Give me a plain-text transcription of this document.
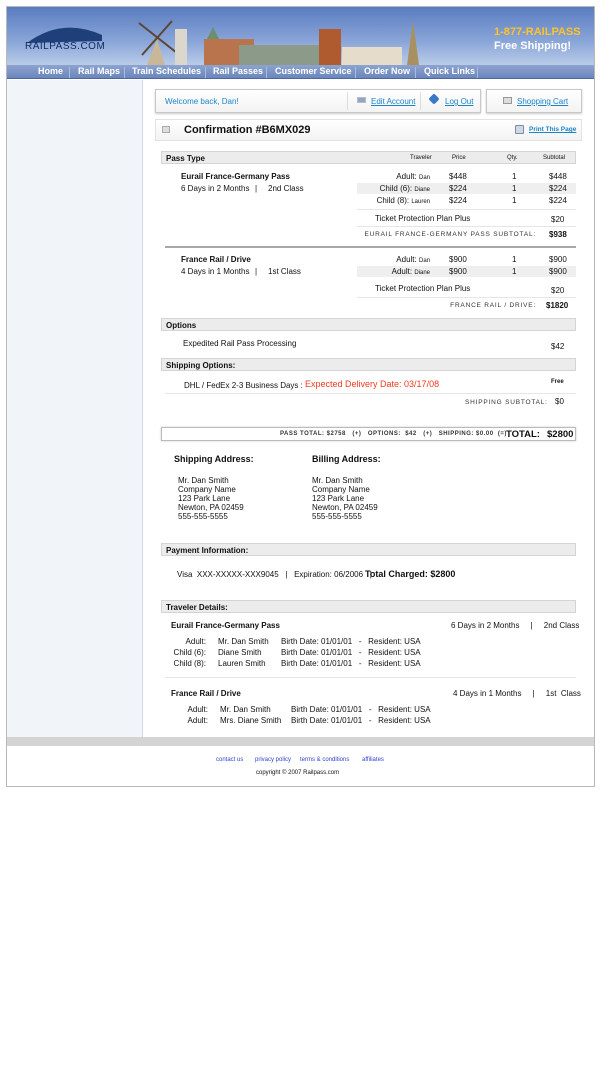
RAILPASS.COM
1-877-RAILPASS
Free Shipping!
Home Rail Maps Train Schedules Rail Passes Customer Service Order Now Quick Links
Welcome back, Dan!	Edit Account	Log Out	Shopping Cart
Confirmation #B6MX029	Print This Page
Pass Type	Traveler	Price	Qty.	Subtotal
Eurail France-Germany Pass
6 Days in 2 Months | 2nd Class
Adult: Dan $448	1	$448
Child (6): Diane $224	1	$224
Child (8): Lauren $224	1	$224
Ticket Protection Plan Plus	$20
EURAIL FRANCE-GERMANY PASS SUBTOTAL: $938
France Rail / Drive
4 Days in 1 Months | 1st Class
Adult: Dan $900	1	$900
Adult: Diane $900	1	$900
Ticket Protection Plan Plus	$20
FRANCE RAIL / DRIVE: $1820
Options
Expedited Rail Pass Processing	$42
Shipping Options:
DHL / FedEx 2-3 Business Days : Expected Delivery Date: 03/17/08	Free
SHIPPING SUBTOTAL: $0
PASS TOTAL: $2758   (+)   OPTIONS:  $42   (+)   SHIPPING: $0.00  (=) TOTAL: $2800
Shipping Address:	Billing Address:
Mr. Dan Smith
Company Name
123 Park Lane
Newton, PA 02459
555-555-5555
Mr. Dan Smith
Company Name
123 Park Lane
Newton, PA 02459
555-555-5555
Payment Information:
Visa  XXX-XXXXX-XXX9045   |   Expiration: 06/2006   |
Total Charged: $2800
Traveler Details:
Eurail France-Germany Pass	6 Days in 2 Months     |     2nd Class
Adult: Mr. Dan Smith Birth Date: 01/01/01   -   Resident: USA
Child (6): Diane Smith Birth Date: 01/01/01   -   Resident: USA
Child (8): Lauren Smith Birth Date: 01/01/01   -   Resident: USA
France Rail / Drive	4 Days in 1 Months     |     1st  Class
Adult: Mr. Dan Smith	Birth Date: 01/01/01   -   Resident: USA
Adult: Mrs. Diane Smith Birth Date: 01/01/01   -   Resident: USA
contact us privacy policy terms & conditions affiliates
copyright © 2007 Railpass.com
